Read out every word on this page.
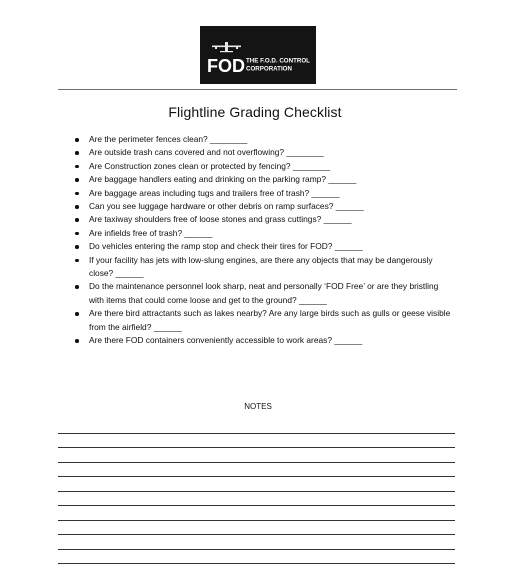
FOD THE F.O.D. CONTROL
CORPORATION
Flightline Grading Checklist
Are the perimeter fences clean? ________
Are outside trash cans covered and not overflowing? ________
Are Construction zones clean or protected by fencing? ________
Are baggage handlers eating and drinking on the parking ramp? ______
Are baggage areas including tugs and trailers free of trash? ______
Can you see luggage hardware or other debris on ramp surfaces? ______
Are taxiway shoulders free of loose stones and grass cuttings? ______
Are infields free of trash? ______
Do vehicles entering the ramp stop and check their tires for FOD? ______
If your facility has jets with low-slung engines, are there any objects that may be dangerously close? ______
Do the maintenance personnel look sharp, neat and personally ‘FOD Free’ or are they bristling with items that could come loose and get to the ground? ______
Are there bird attractants such as lakes nearby? Are any large birds such as gulls or geese visible from the airfield? ______
Are there FOD containers conveniently accessible to work areas? ______
NOTES
